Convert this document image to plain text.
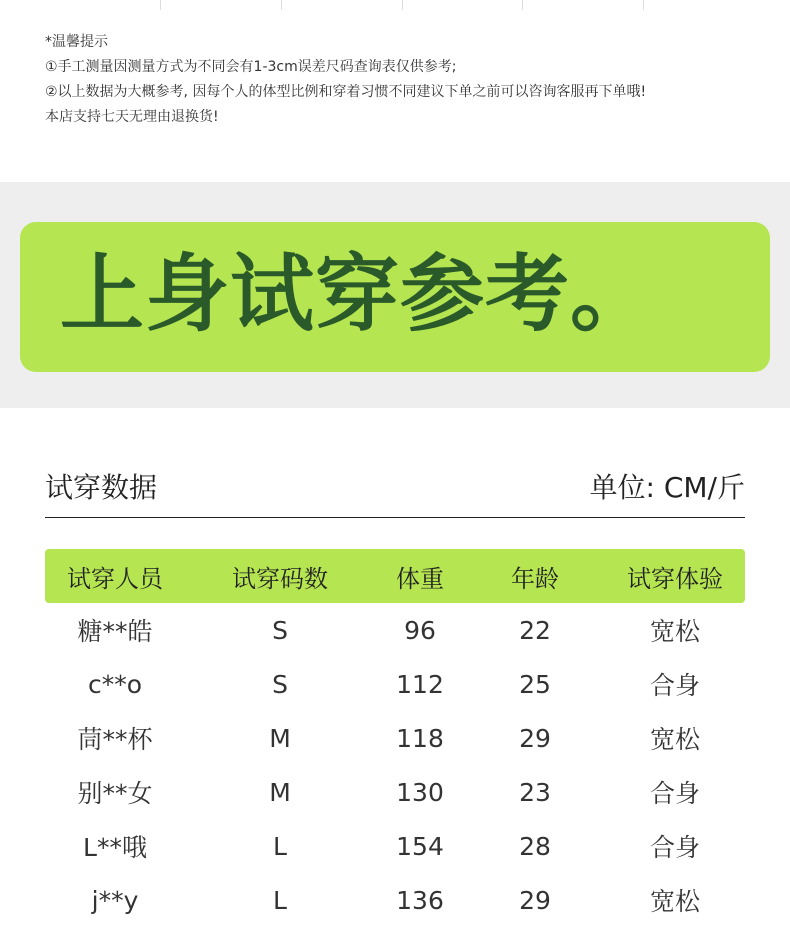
*温馨提示
①手工测量因测量方式为不同会有1-3cm误差尺码查询表仅供参考;
②以上数据为大概参考, 因每个人的体型比例和穿着习惯不同建议下单之前可以咨询客服再下单哦!
本店支持七天无理由退换货!
上身试穿参考。
试穿数据	单位: CM/斤
试穿人员	试穿码数	体重	年龄	试穿体验
糖**皓	S	96	22	宽松
c**o	S	112	25	合身
茼**杯	M	118	29	宽松
别**女	M	130	23	合身
L**哦	L	154	28	合身
j**y	L	136	29	宽松
